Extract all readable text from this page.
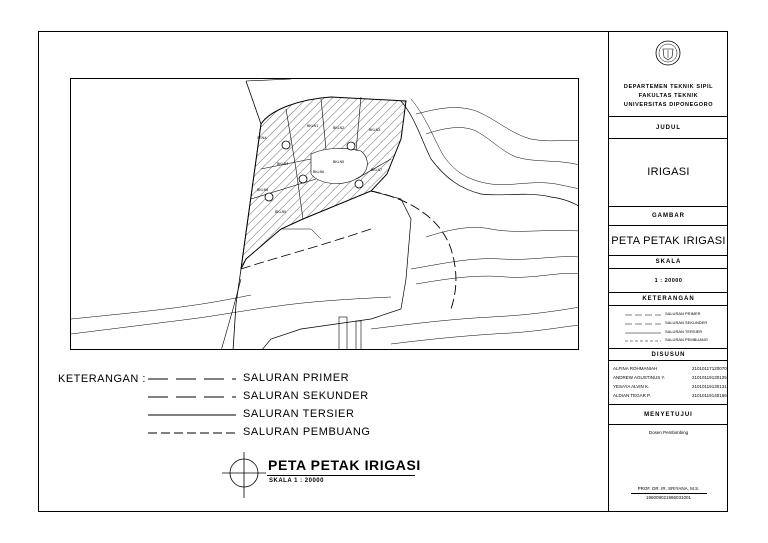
SENA
BKLN1	BKLN2	BKLN3
BKLN4	BKLN5
BKLN6	BKLN7
BKLN8
BKLN9
KETERANGAN :	SALURAN PRIMER
SALURAN SEKUNDER
SALURAN TERSIER
SALURAN PEMBUANG
PETA PETAK IRIGASI
SKALA 1 : 20000
DEPARTEMEN TEKNIK SIPIL
FAKULTAS TEKNIK
UNIVERSITAS DIPONEGORO
JUDUL
IRIGASI
GAMBAR
PETA PETAK IRIGASI
SKALA
1 : 20000
KETERANGAN
SALURAN PRIMER
SALURAN SEKUNDER
SALURAN TERSIER
SALURAN PEMBUANG
DISUSUN
ALFINA ROHMANIAH	21010117120070
ANDREW AGUSTINUS Y.	21010119130125
YESAYA ALVIN K.	21010119130131
ALDIAN TEGAR P.	21010119140166
MENYETUJUI
Dosen Pembimbing
PROF. DR. IR. SRIYANA, M.S.
196009021986031001
